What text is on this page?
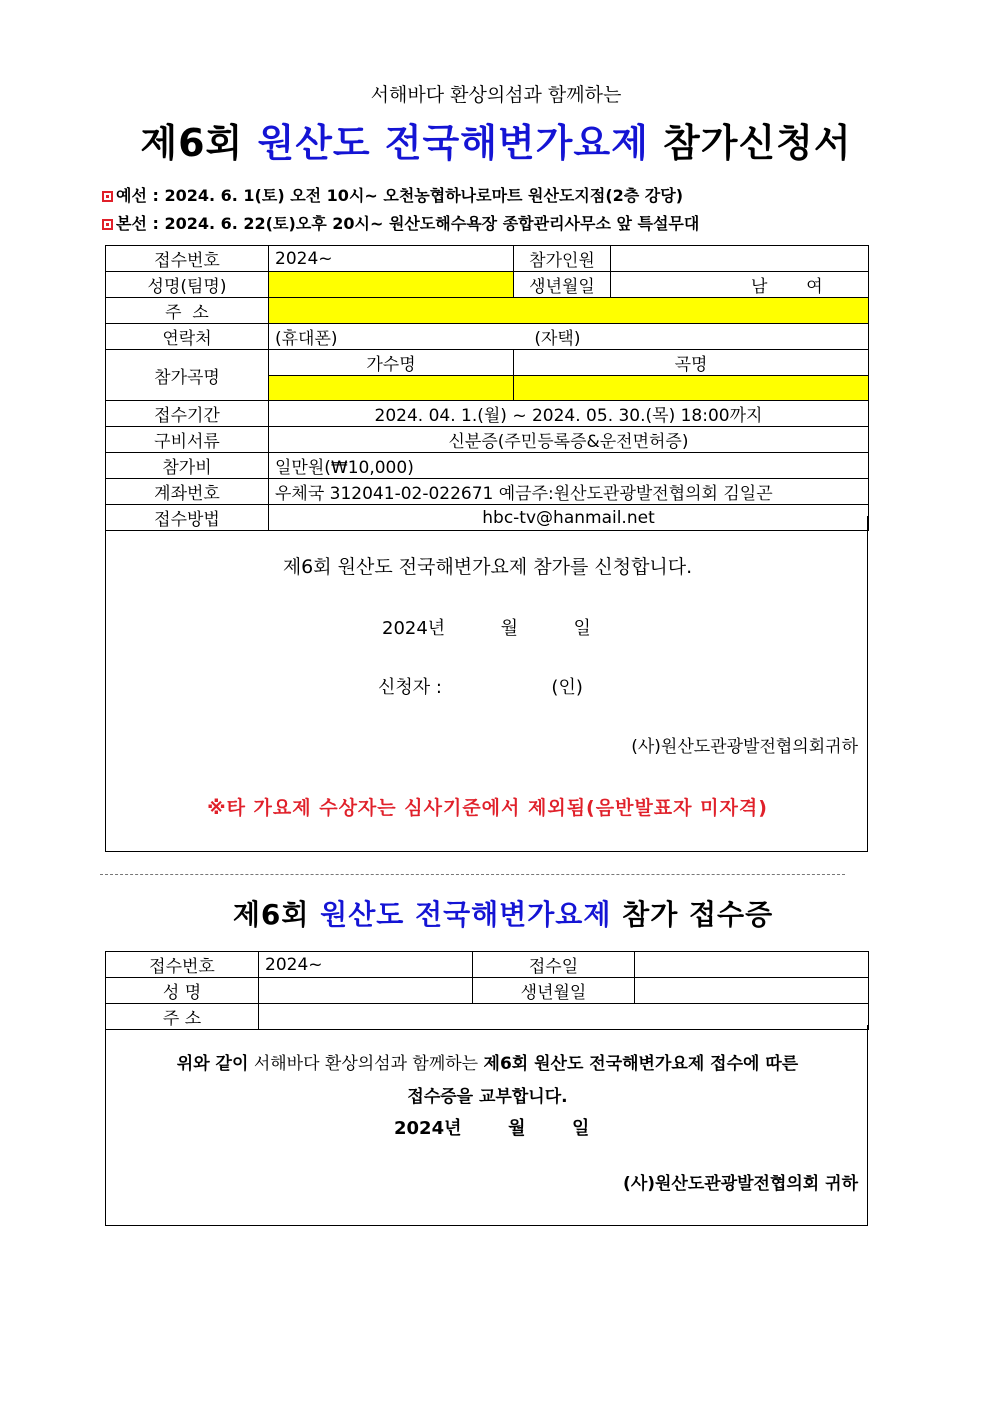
서해바다 환상의섬과 함께하는
제6회 원산도 전국해변가요제 참가신청서
예선 : 2024. 6. 1(토) 오전 10시~ 오천농협하나로마트 원산도지점(2층 강당)
본선 : 2024. 6. 22(토)오후 20시~ 원산도해수욕장 종합관리사무소 앞 특설무대
접수번호	2024~	참가인원	
성명(팀명)		생년월일	남 여
주  소			
연락처	(휴대폰) (자택)		
참가곡명	가수명	곡명	

접수기간	2024. 04. 1.(월) ~ 2024. 05. 30.(목) 18:00까지		
구비서류	신분증(주민등록증&운전면허증)		
참가비	일만원(₩10,000)		
계좌번호	우체국 312041-02-022671 예금주:원산도관광발전협의회 김일곤		
접수방법	hbc-tv@hanmail.net		
제6회 원산도 전국해변가요제 참가를 신청합니다.
2024년	월	일
신청자 :	(인)
(사)원산도관광발전협의회귀하
※타 가요제 수상자는 심사기준에서 제외됨(음반발표자 미자격)
제6회 원산도 전국해변가요제 참가 접수증
접수번호	2024~	접수일	
성 명		생년월일	
주 소			
위와 같이 서해바다 환상의섬과 함께하는 제6회 원산도 전국해변가요제 접수에 따른
접수증을 교부합니다.
2024년	월	일
(사)원산도관광발전협의회 귀하
